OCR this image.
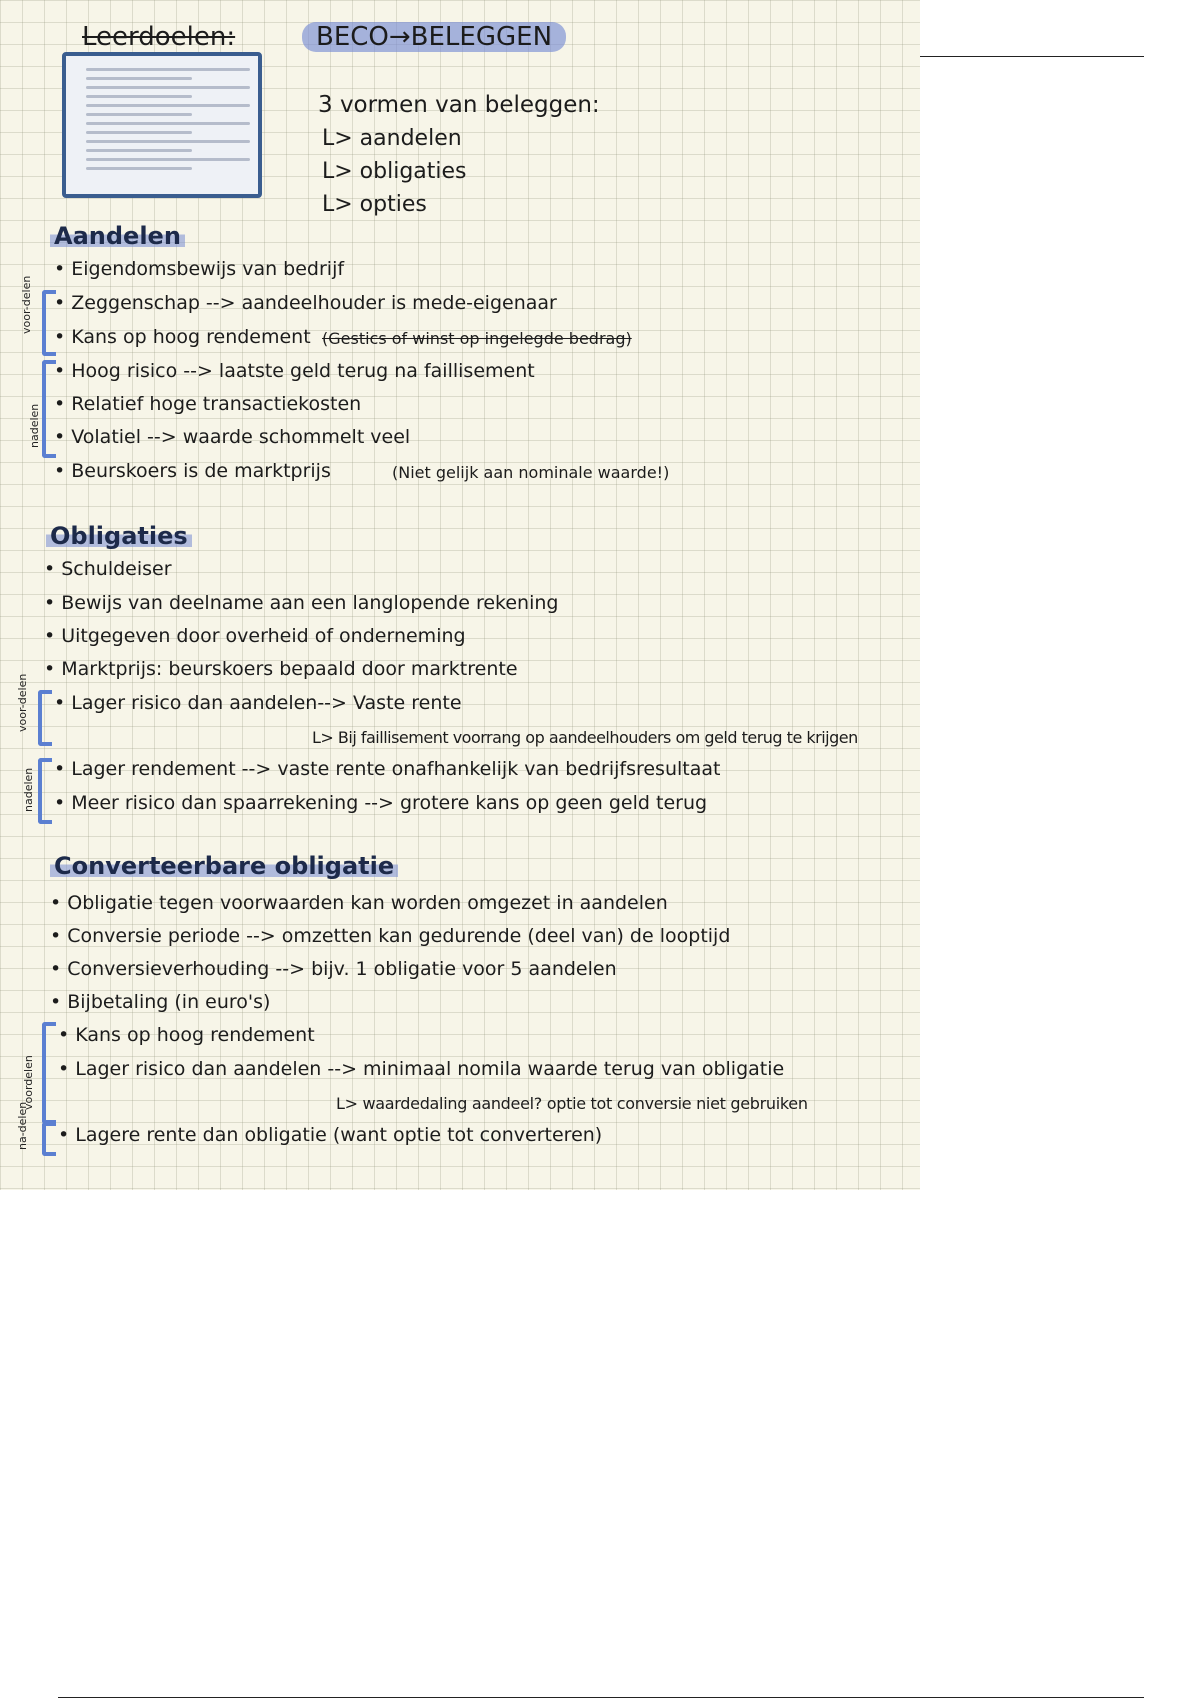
Leerdoelen:	BECO→BELEGGEN
3 vormen van beleggen:
L> aandelen
L> obligaties
L> opties
Aandelen
• Eigendomsbewijs van bedrijf
• Zeggenschap --> aandeelhouder is mede-eigenaar
• Kans op hoog rendement (Gestics of winst op ingelegde bedrag)
• Hoog risico --> laatste geld terug na faillisement
• Relatief hoge transactiekosten
• Volatiel --> waarde schommelt veel
• Beurskoers is de marktprijs	(Niet gelijk aan nominale waarde!)
voor-delen
nadelen
Obligaties
• Schuldeiser
• Bewijs van deelname aan een langlopende rekening
• Uitgegeven door overheid of onderneming
• Marktprijs: beurskoers bepaald door marktrente
• Lager risico dan aandelen--> Vaste rente
L> Bij faillisement voorrang op aandeelhouders om geld terug te krijgen
• Lager rendement --> vaste rente onafhankelijk van bedrijfsresultaat
• Meer risico dan spaarrekening --> grotere kans op geen geld terug
voor-delen
nadelen
Converteerbare obligatie
• Obligatie tegen voorwaarden kan worden omgezet in aandelen
• Conversie periode --> omzetten kan gedurende (deel van) de looptijd
• Conversieverhouding --> bijv. 1 obligatie voor 5 aandelen
• Bijbetaling (in euro's)
• Kans op hoog rendement
• Lager risico dan aandelen --> minimaal nomila waarde terug van obligatie
L> waardedaling aandeel? optie tot conversie niet gebruiken
• Lagere rente dan obligatie (want optie tot converteren)
voordelen
na-delen
